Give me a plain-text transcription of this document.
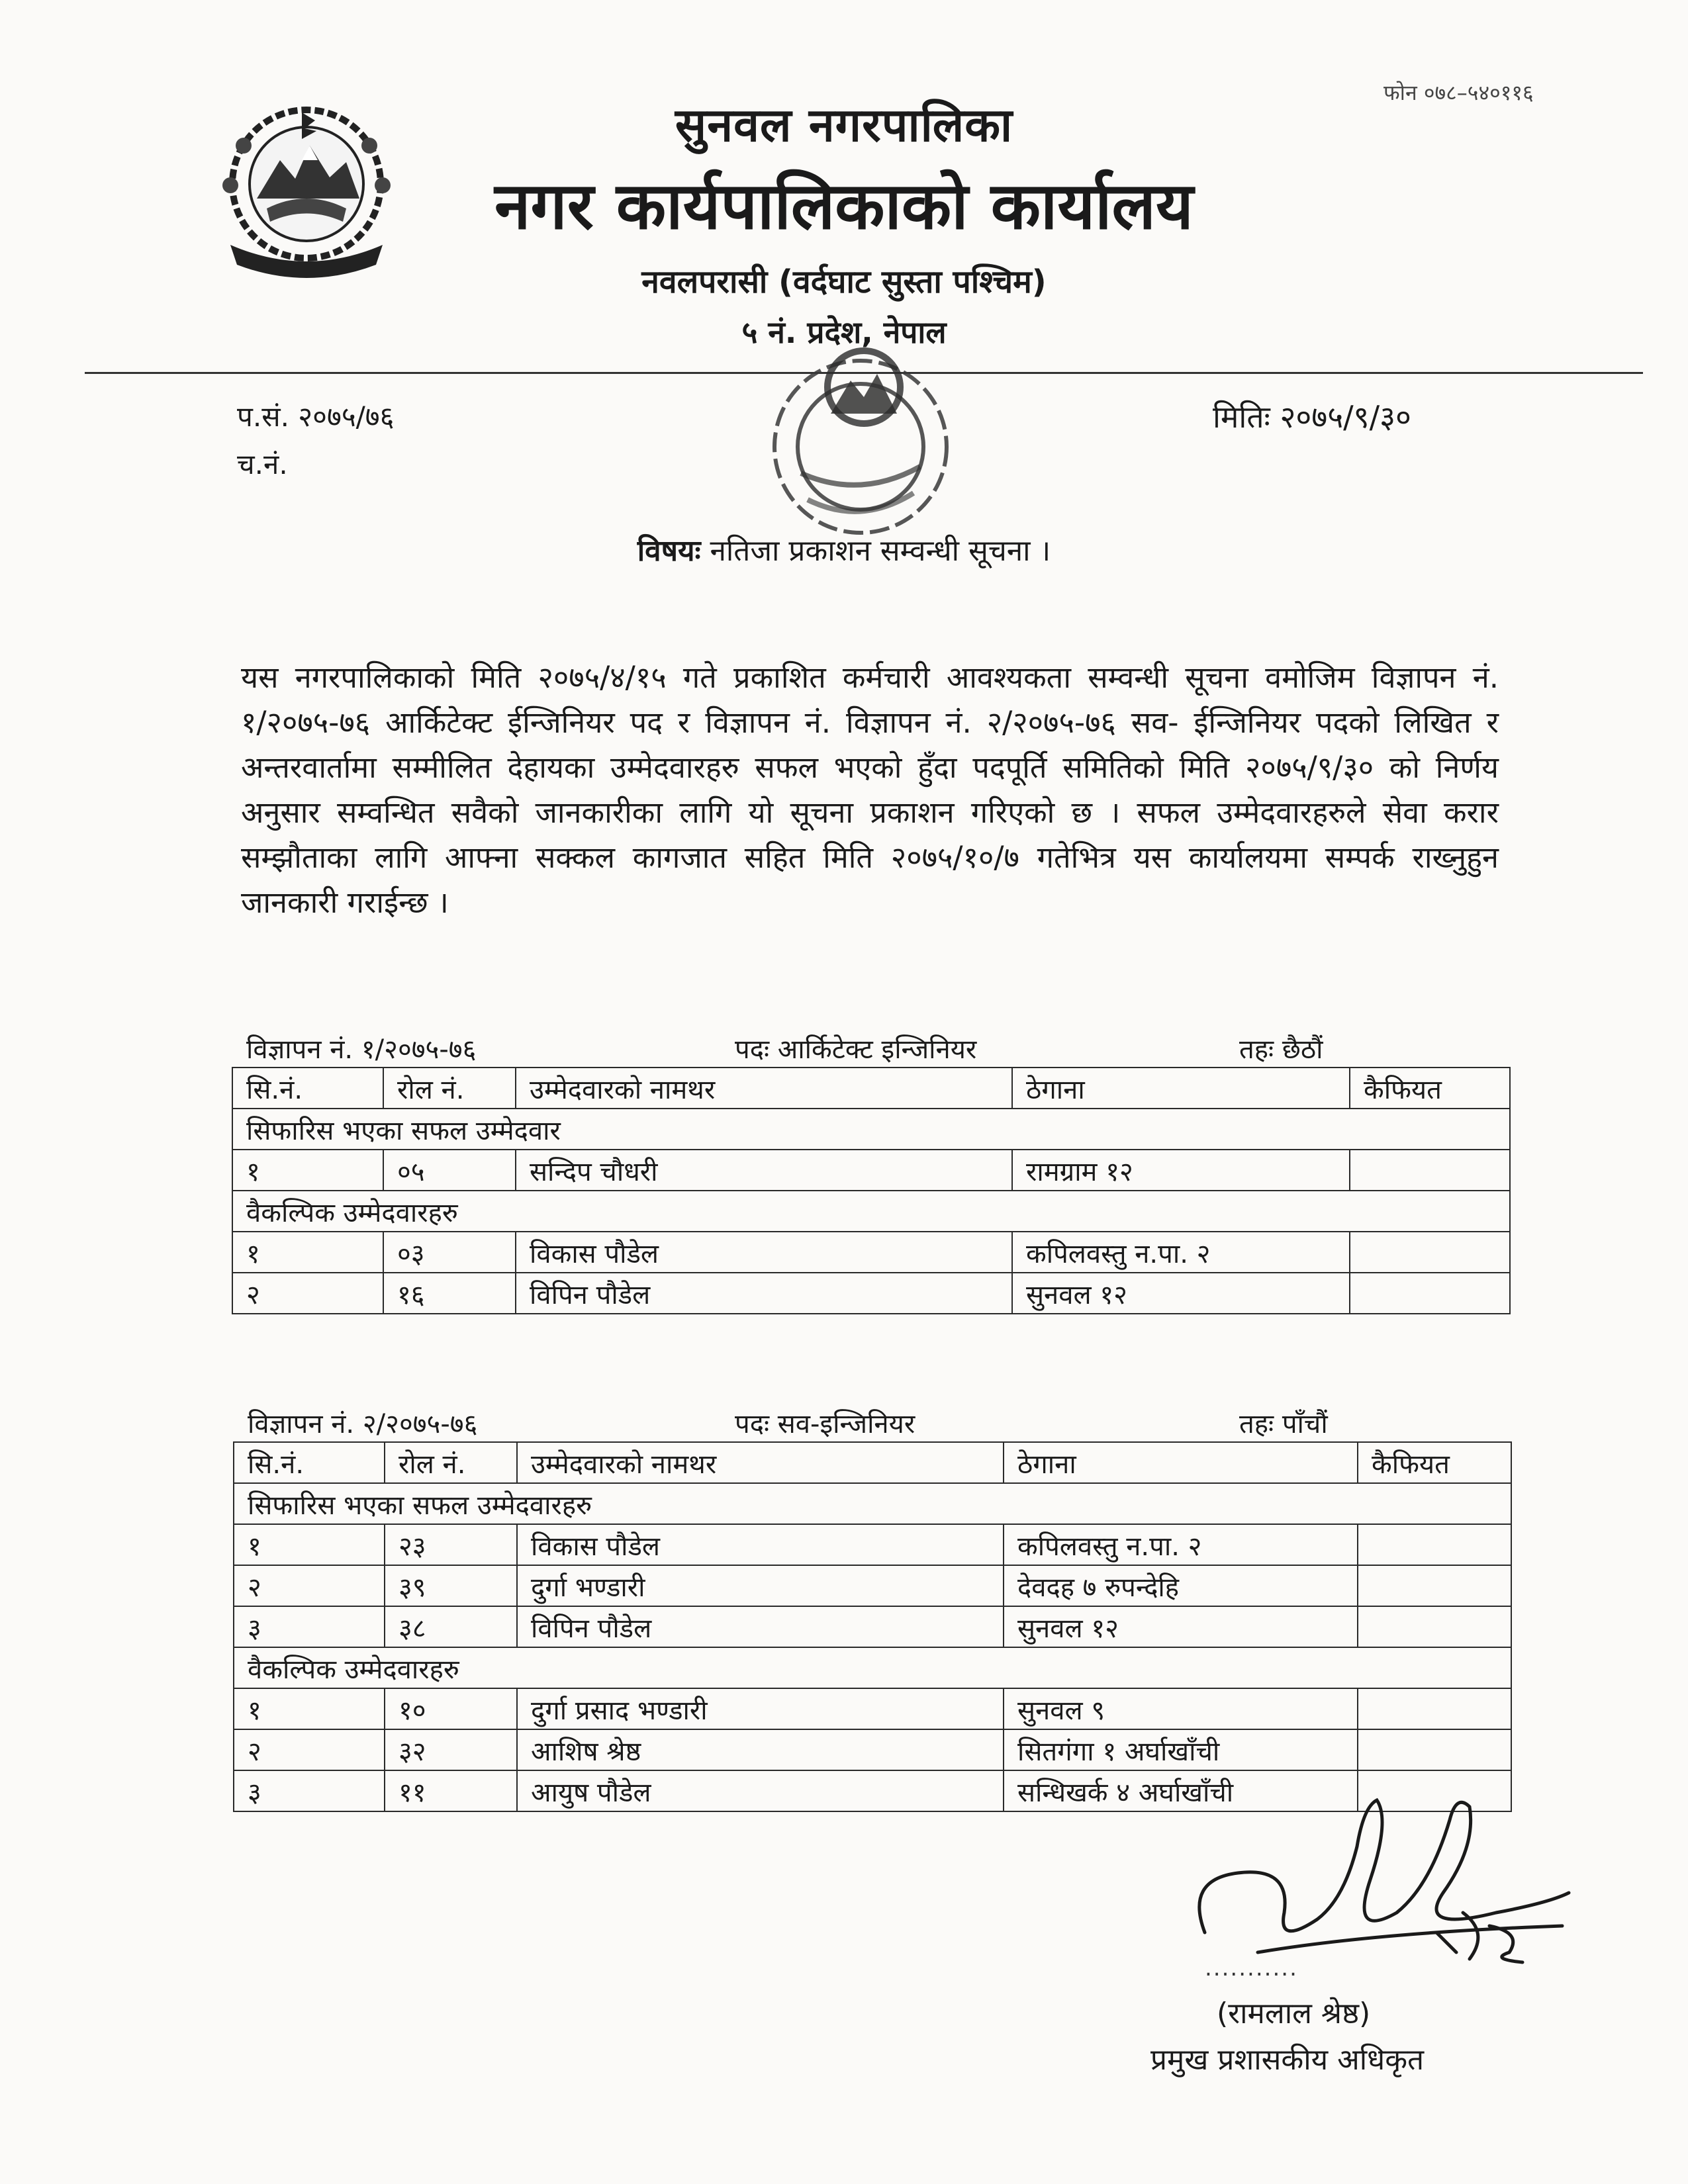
फोन ०७८–५४०११६
सुनवल नगरपालिका
नगर कार्यपालिकाको कार्यालय
नवलपरासी (वर्दघाट सुस्ता पश्चिम)
५ नं. प्रदेश, नेपाल
प.सं. २०७५/७६
च.नं.
मितिः २०७५/९/३०
विषयः नतिजा प्रकाशन सम्वन्धी सूचना ।
यस नगरपालिकाको मिति २०७५/४/१५ गते प्रकाशित कर्मचारी आवश्यकता सम्वन्धी सूचना वमोजिम विज्ञापन नं. १/२०७५-७६ आर्किटेक्ट ईन्जिनियर पद र विज्ञापन नं. विज्ञापन नं. २/२०७५-७६ सव- ईन्जिनियर पदको लिखित र अन्तरवार्तामा सम्मीलित देहायका उम्मेदवारहरु सफल भएको हुँदा पदपूर्ति समितिको मिति २०७५/९/३० को निर्णय अनुसार सम्वन्धित सवैको जानकारीका लागि यो सूचना प्रकाशन गरिएको छ । सफल उम्मेदवारहरुले सेवा करार सम्झौताका लागि आफ्ना सक्कल कागजात सहित मिति २०७५/१०/७ गतेभित्र यस कार्यालयमा सम्पर्क राख्नुहुन जानकारी गराईन्छ ।
विज्ञापन नं. १/२०७५-७६	पदः आर्किटेक्ट इन्जिनियर	तहः छैठौं
सि.नं.	रोल नं.	उम्मेदवारको नामथर	ठेगाना	कैफियत
सिफारिस भएका सफल उम्मेदवार				
१	०५	सन्दिप चौधरी	रामग्राम १२	
वैकल्पिक उम्मेदवारहरु				
१	०३	विकास पौडेल	कपिलवस्तु न.पा. २	
२	१६	विपिन पौडेल	सुनवल १२	
विज्ञापन नं. २/२०७५-७६	पदः सव-इन्जिनियर	तहः पाँचौं
सि.नं.	रोल नं.	उम्मेदवारको नामथर	ठेगाना	कैफियत
सिफारिस भएका सफल उम्मेदवारहरु				
१	२३	विकास पौडेल	कपिलवस्तु न.पा. २	
२	३९	दुर्गा भण्डारी	देवदह ७ रुपन्देहि	
३	३८	विपिन पौडेल	सुनवल १२	
वैकल्पिक उम्मेदवारहरु				
१	१०	दुर्गा प्रसाद भण्डारी	सुनवल ९	
२	३२	आशिष श्रेष्ठ	सितगंगा १ अर्घाखाँची	
३	११	आयुष पौडेल	सन्धिखर्क ४ अर्घाखाँची	
...........
(रामलाल श्रेष्ठ)
प्रमुख प्रशासकीय अधिकृत
